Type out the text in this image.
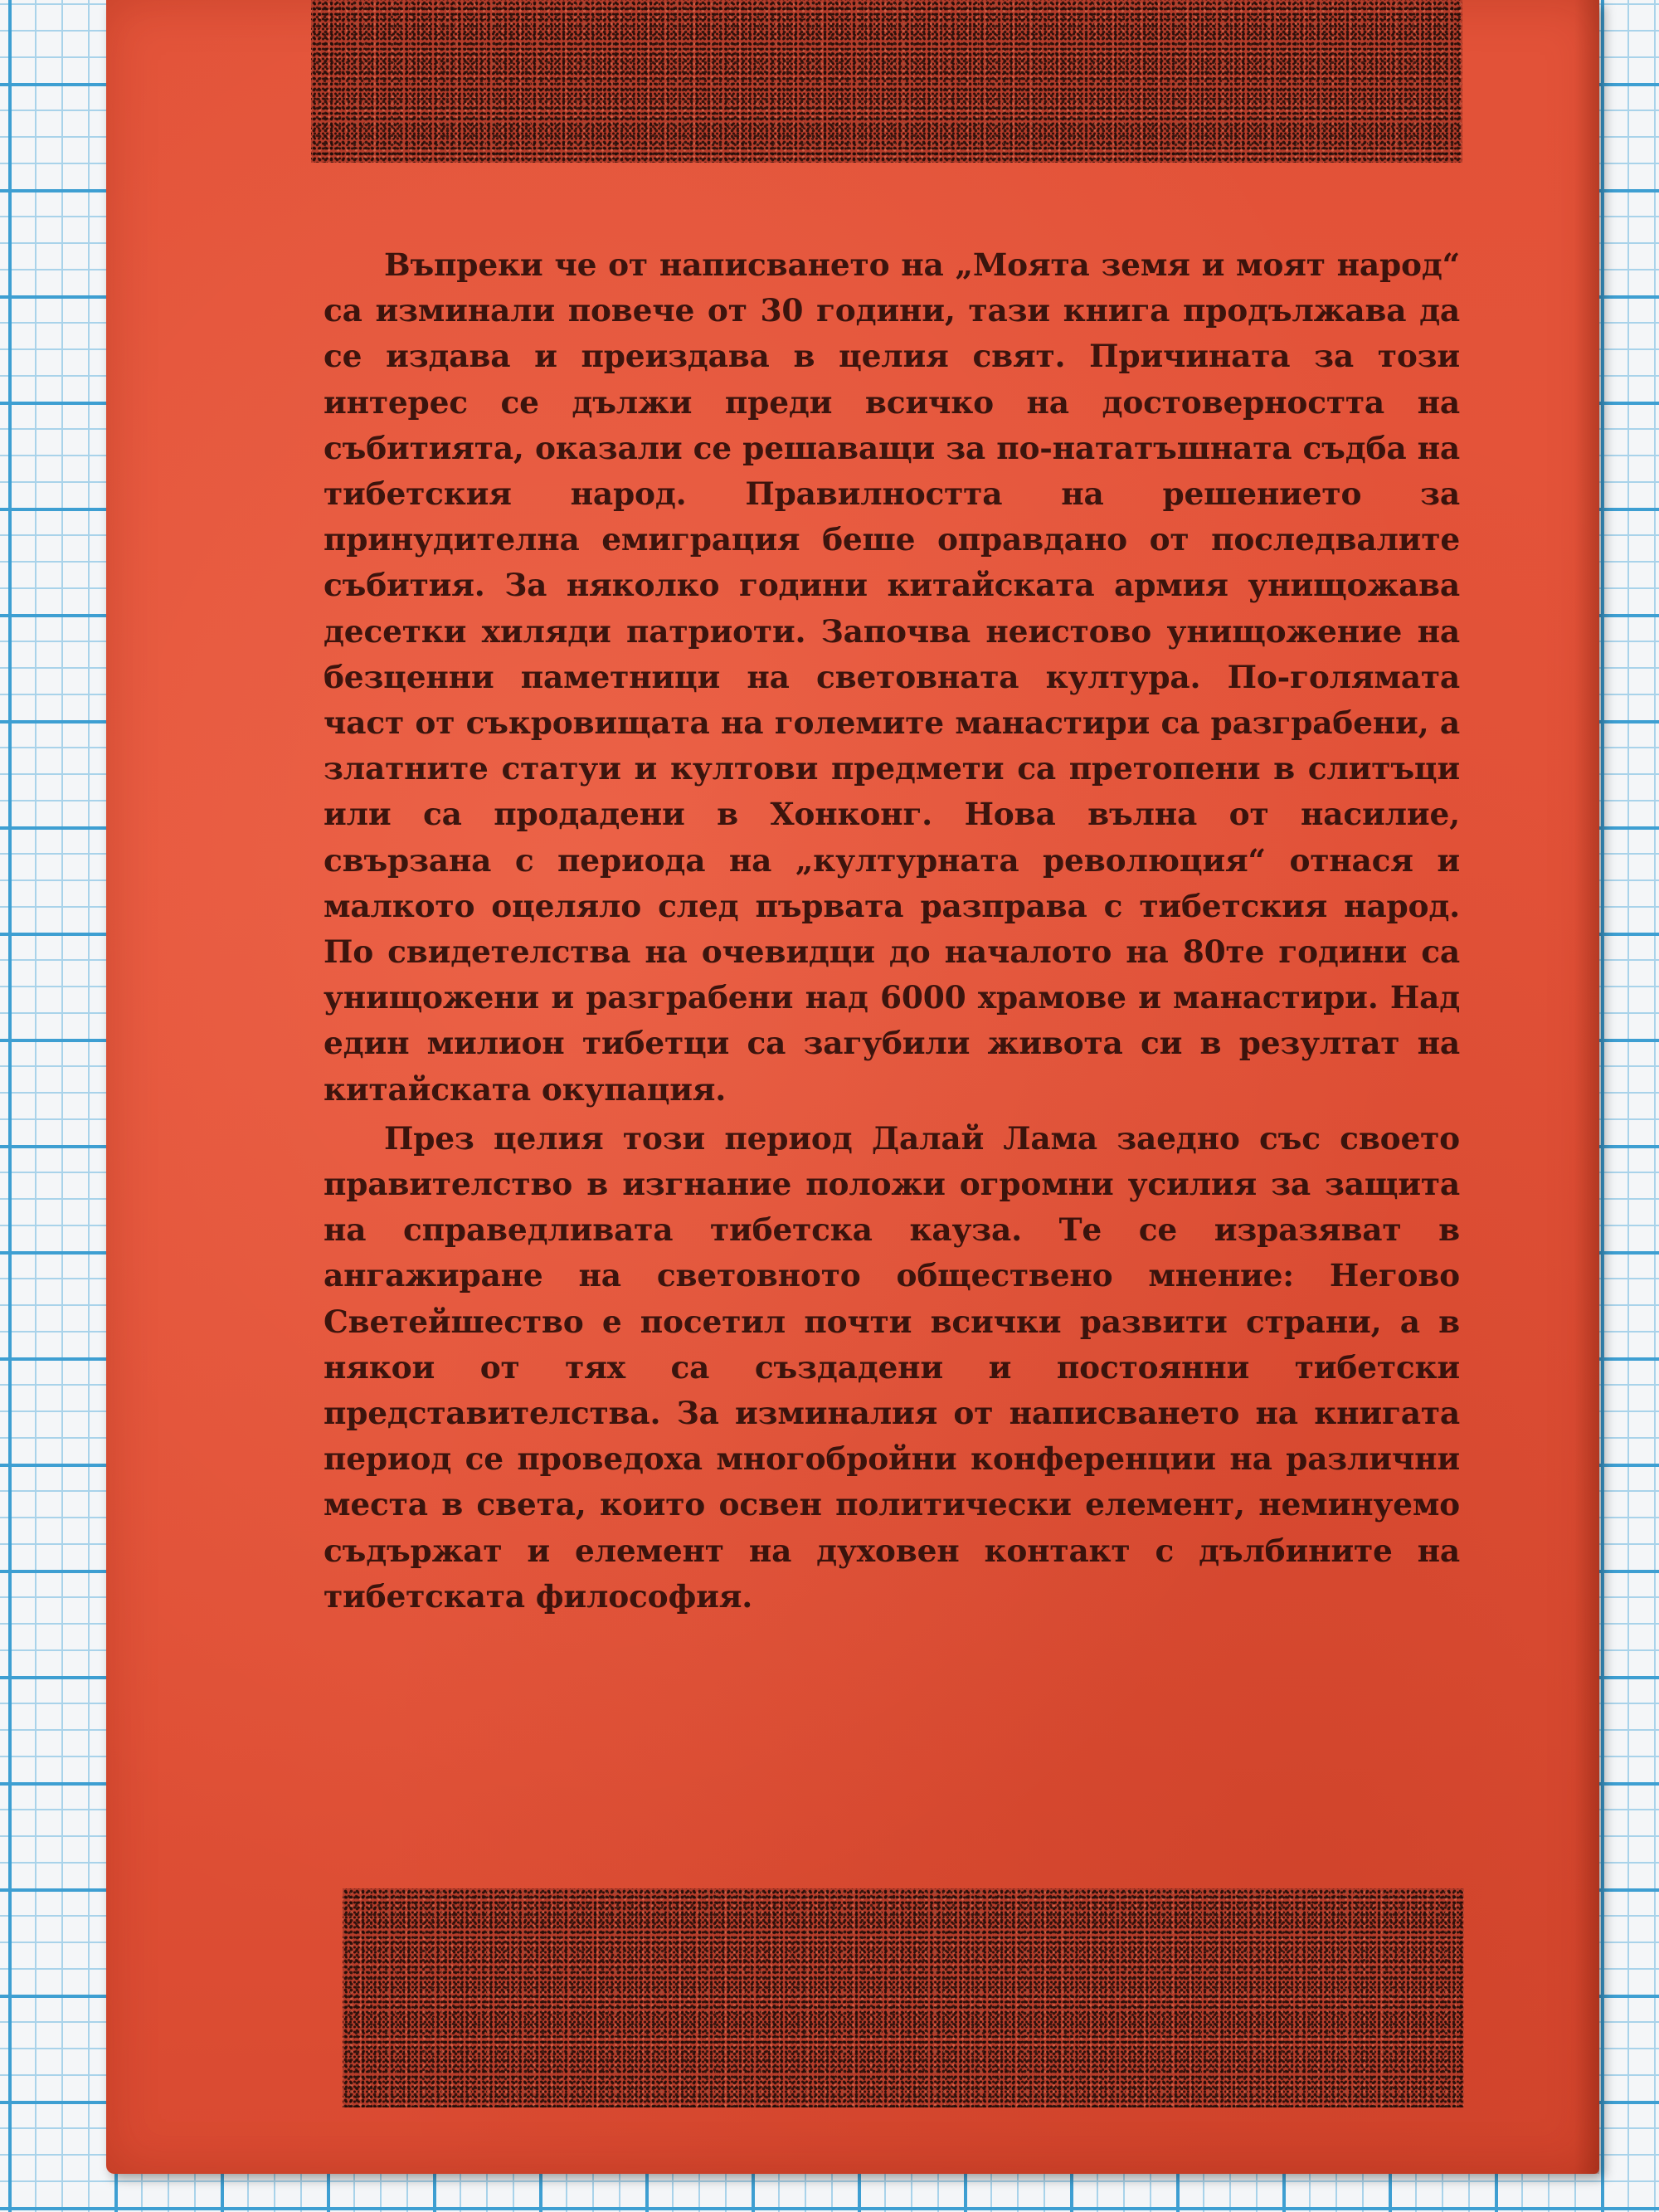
Въпреки че от написването на „Моята земя и моят народ“ са изминали повече от 30 години, тази книга продължава да се издава и преиздава в целия свят. Причината за този интерес се дължи преди всичко на достоверността на събитията, оказали се решаващи за по-нататъшната съдба на тибетския народ. Правилността на решението за принудителна емиграция беше оправдано от последвалите събития. За няколко години китайската армия унищожава десетки хиляди патриоти. Започва неистово унищожение на безценни паметници на световната култура. По-голямата част от съкровищата на големите манастири са разграбени, а златните статуи и култови предмети са претопени в слитъци или са продадени в Хонконг. Нова вълна от насилие, свързана с периода на „културната революция“ отнася и малкото оцеляло след първата разправа с тибетския народ. По свидетелства на очевидци до началото на 80те години са унищожени и разграбени над 6000 храмове и манастири. Над един милион тибетци са загубили живота си в резултат на китайската окупация.

През целия този период Далай Лама заедно със своето правителство в изгнание положи огромни усилия за защита на справедливата тибетска кауза. Те се изразяват в ангажиране на световното обществено мнение: Негово Светейшество е посетил почти всички развити страни, а в някои от тях са създадени и постоянни тибетски представителства. За изминалия от написването на книгата период се проведоха многобройни конференции на различни места в света, които освен политически елемент, неминуемо съдържат и елемент на духовен контакт с дълбините на тибетската философия.
